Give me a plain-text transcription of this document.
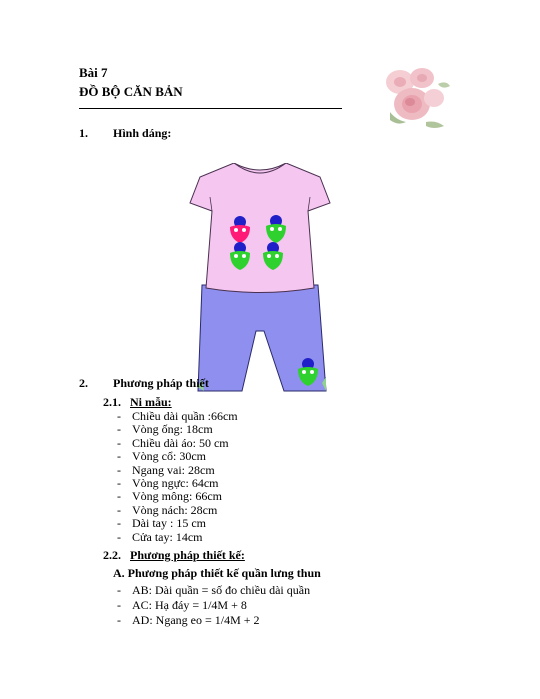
Bài 7
ĐỒ BỘ CĂN BẢN
1. Hình dáng:
2. Phương pháp thiết
2.1. Ni mẫu:
- Chiều dài quần :66cm
- Vòng ống: 18cm
- Chiều dài áo: 50 cm
- Vòng cổ: 30cm
- Ngang vai: 28cm
- Vòng ngực: 64cm
- Vòng mông: 66cm
- Vòng nách: 28cm
- Dài tay : 15 cm
- Cửa tay: 14cm
2.2. Phương pháp thiết kế:
A. Phương pháp thiết kế quần lưng thun
- AB: Dài quần = số đo chiều dài quần
- AC: Hạ đáy = 1/4M + 8
- AD: Ngang eo = 1/4M + 2
